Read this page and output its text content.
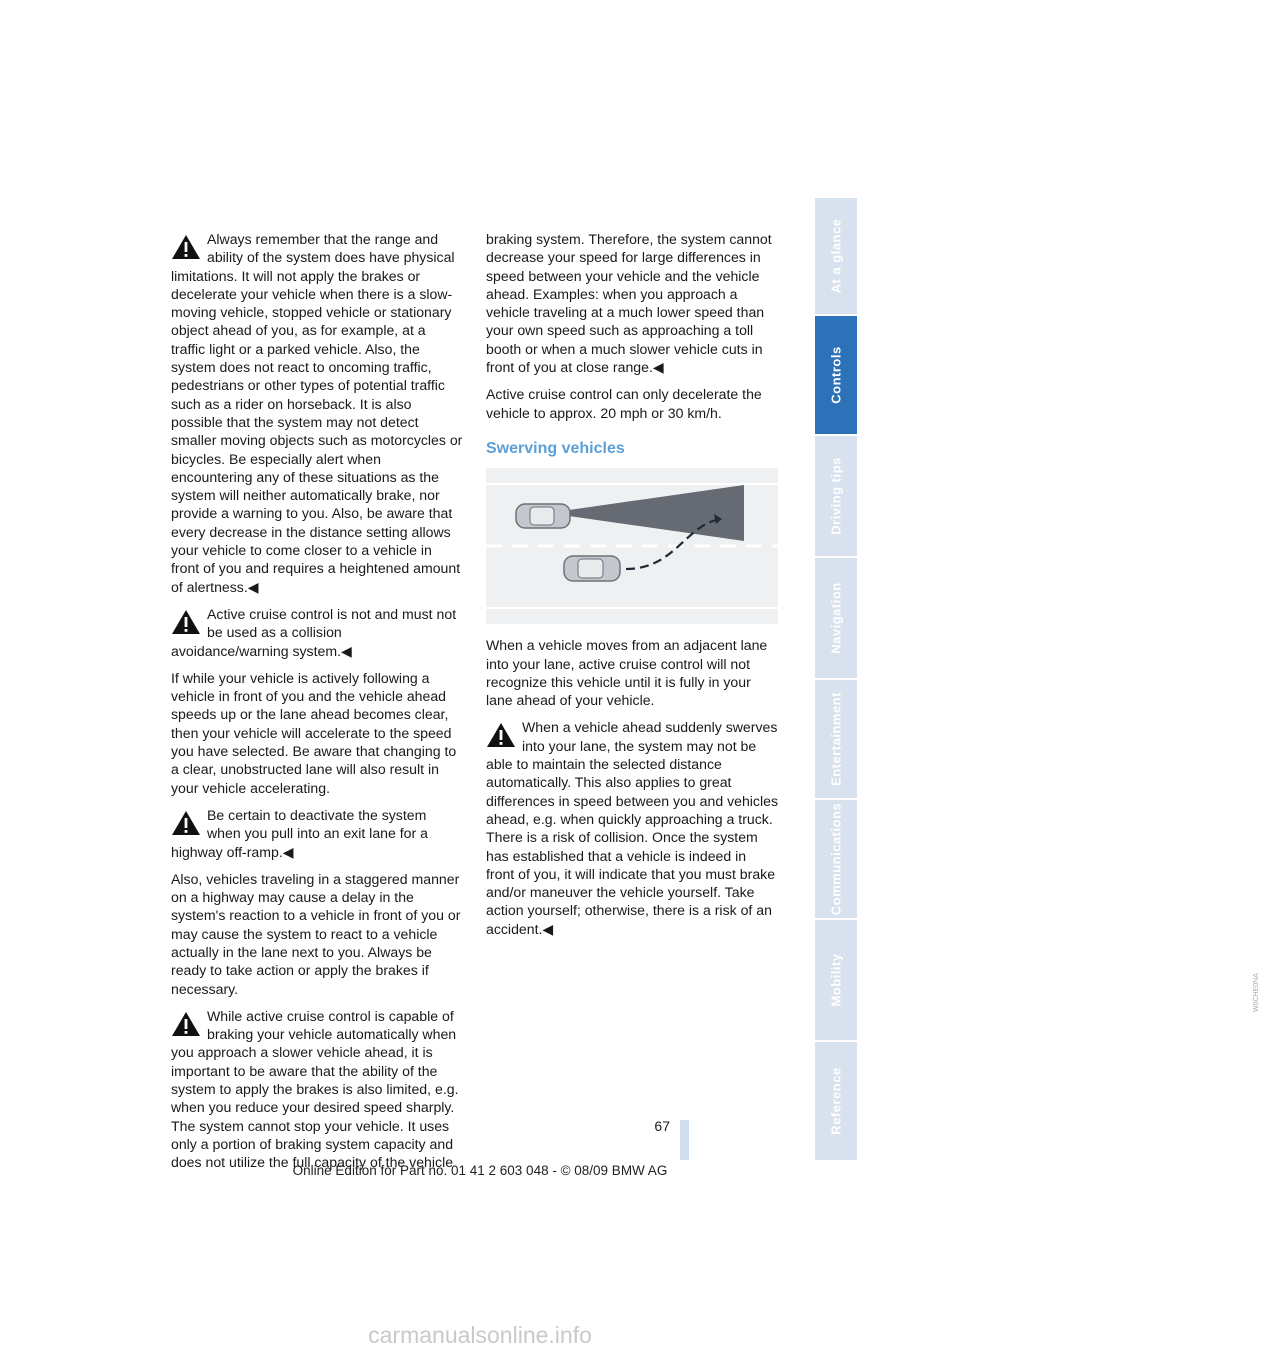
Always remember that the range and ability of the system does have physical limitations. It will not apply the brakes or decelerate your vehicle when there is a slow-moving vehicle, stopped vehicle or stationary object ahead of you, as for example, at a traffic light or a parked vehicle. Also, the system does not react to oncoming traffic, pedestrians or other types of potential traffic such as a rider on horseback. It is also possible that the system may not detect smaller moving objects such as motorcycles or bicycles. Be especially alert when encountering any of these situations as the system will neither automatically brake, nor provide a warning to you. Also, be aware that every decrease in the distance setting allows your vehicle to come closer to a vehicle in front of you and requires a heightened amount of alertness.◀

Active cruise control is not and must not be used as a collision avoidance/warning system.◀

If while your vehicle is actively following a vehicle in front of you and the vehicle ahead speeds up or the lane ahead becomes clear, then your vehicle will accelerate to the speed you have selected. Be aware that changing to a clear, unobstructed lane will also result in your vehicle accelerating.

Be certain to deactivate the system when you pull into an exit lane for a highway off-ramp.◀

Also, vehicles traveling in a staggered manner on a highway may cause a delay in the system's reaction to a vehicle in front of you or may cause the system to react to a vehicle actually in the lane next to you. Always be ready to take action or apply the brakes if necessary.

While active cruise control is capable of braking your vehicle automatically when you approach a slower vehicle ahead, it is important to be aware that the ability of the system to apply the brakes is also limited, e.g. when you reduce your desired speed sharply. The system cannot stop your vehicle. It uses only a portion of braking system capacity and does not utilize the full capacity of the vehicle

braking system. Therefore, the system cannot decrease your speed for large differences in speed between your vehicle and the vehicle ahead. Examples: when you approach a vehicle traveling at a much lower speed than your own speed such as approaching a toll booth or when a much slower vehicle cuts in front of you at close range.◀

Active cruise control can only decelerate the vehicle to approx. 20 mph or 30 km/h.

Swerving vehicles
W0CHE0NA

When a vehicle moves from an adjacent lane into your lane, active cruise control will not recognize this vehicle until it is fully in your lane ahead of your vehicle.

When a vehicle ahead suddenly swerves into your lane, the system may not be able to maintain the selected distance automatically. This also applies to great differences in speed between you and vehicles ahead, e.g. when quickly approaching a truck. There is a risk of collision. Once the system has established that a vehicle is indeed in front of you, it will indicate that you must brake and/or maneuver the vehicle yourself. Take action yourself; otherwise, there is a risk of an accident.◀

At a glance
Controls
Driving tips
Navigation
Entertainment
Communications
Mobility
Reference
67
Online Edition for Part no. 01 41 2 603 048 - © 08/09 BMW AG
carmanualsonline.info
